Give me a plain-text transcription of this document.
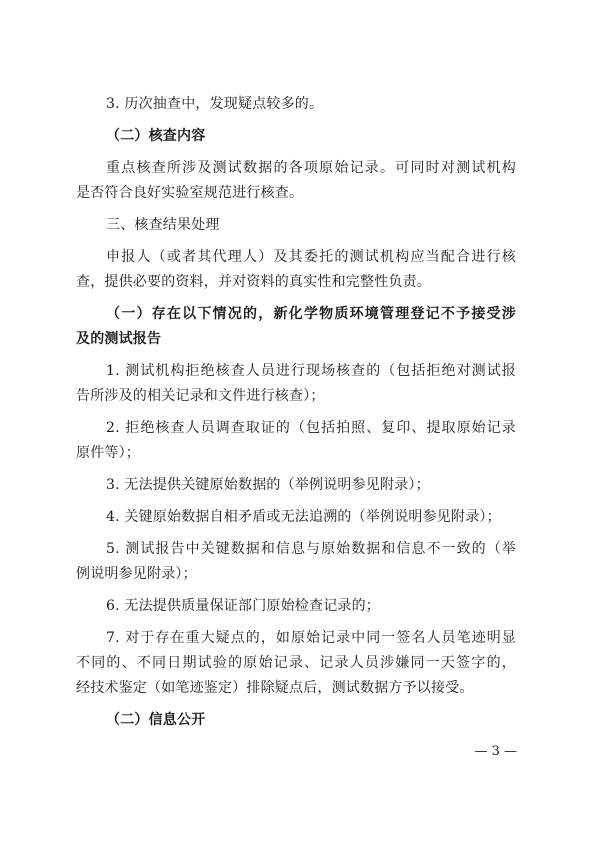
3. 历次抽查中，发现疑点较多的。
（二）核查内容
重点核查所涉及测试数据的各项原始记录。可同时对测试机构
是否符合良好实验室规范进行核查。
三、核查结果处理
申报人（或者其代理人）及其委托的测试机构应当配合进行核
查，提供必要的资料，并对资料的真实性和完整性负责。
（一）存在以下情况的，新化学物质环境管理登记不予接受涉
及的测试报告
1. 测试机构拒绝核查人员进行现场核查的（包括拒绝对测试报
告所涉及的相关记录和文件进行核查）；
2. 拒绝核查人员调查取证的（包括拍照、复印、提取原始记录
原件等）；
3. 无法提供关键原始数据的（举例说明参见附录）；
4. 关键原始数据自相矛盾或无法追溯的（举例说明参见附录）；
5. 测试报告中关键数据和信息与原始数据和信息不一致的（举
例说明参见附录）；
6. 无法提供质量保证部门原始检查记录的；
7. 对于存在重大疑点的，如原始记录中同一签名人员笔迹明显
不同的、不同日期试验的原始记录、记录人员涉嫌同一天签字的，
经技术鉴定（如笔迹鉴定）排除疑点后，测试数据方予以接受。
（二）信息公开
— 3 —
